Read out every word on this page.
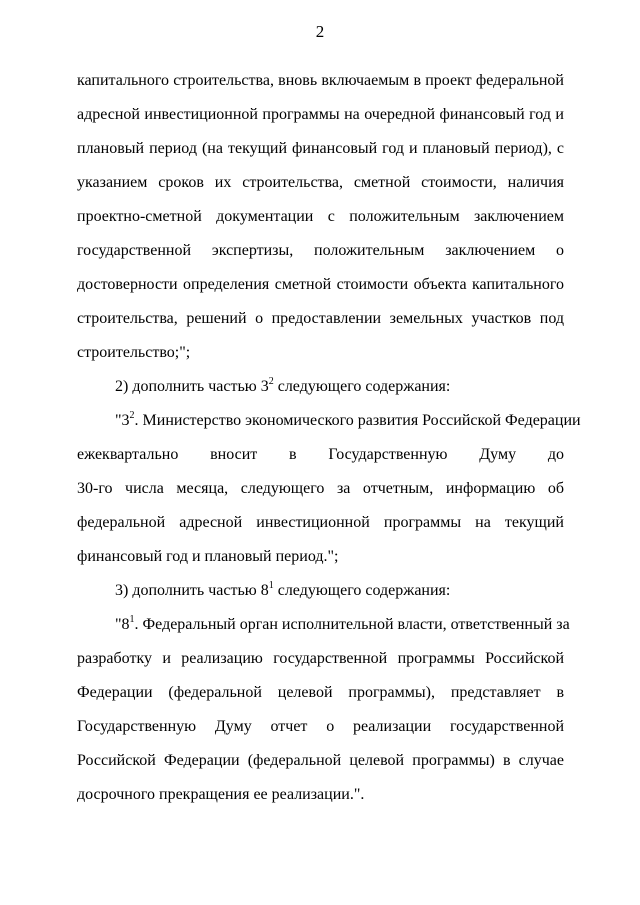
2
капитального строительства, вновь включаемым в проект федеральной
адресной инвестиционной программы на очередной финансовый год и
плановый период (на текущий финансовый год и плановый период), с
указанием сроков их строительства, сметной стоимости, наличия
проектно-сметной документации с положительным заключением
государственной экспертизы, положительным заключением о
достоверности определения сметной стоимости объекта капитального
строительства, решений о предоставлении земельных участков под
строительство;";
2) дополнить частью $3^2$ следующего содержания:
"$3^2$. Министерство экономического развития Российской Федерации
ежеквартально вносит в Государственную Думу до
30-го числа месяца, следующего за отчетным, информацию об
федеральной адресной инвестиционной программы на текущий
финансовый год и плановый период.";
3) дополнить частью $8^1$ следующего содержания:
"$8^1$. Федеральный орган исполнительной власти, ответственный за
разработку и реализацию государственной программы Российской
Федерации (федеральной целевой программы), представляет в
Государственную Думу отчет о реализации государственной
Российской Федерации (федеральной целевой программы) в случае
досрочного прекращения ее реализации.".
